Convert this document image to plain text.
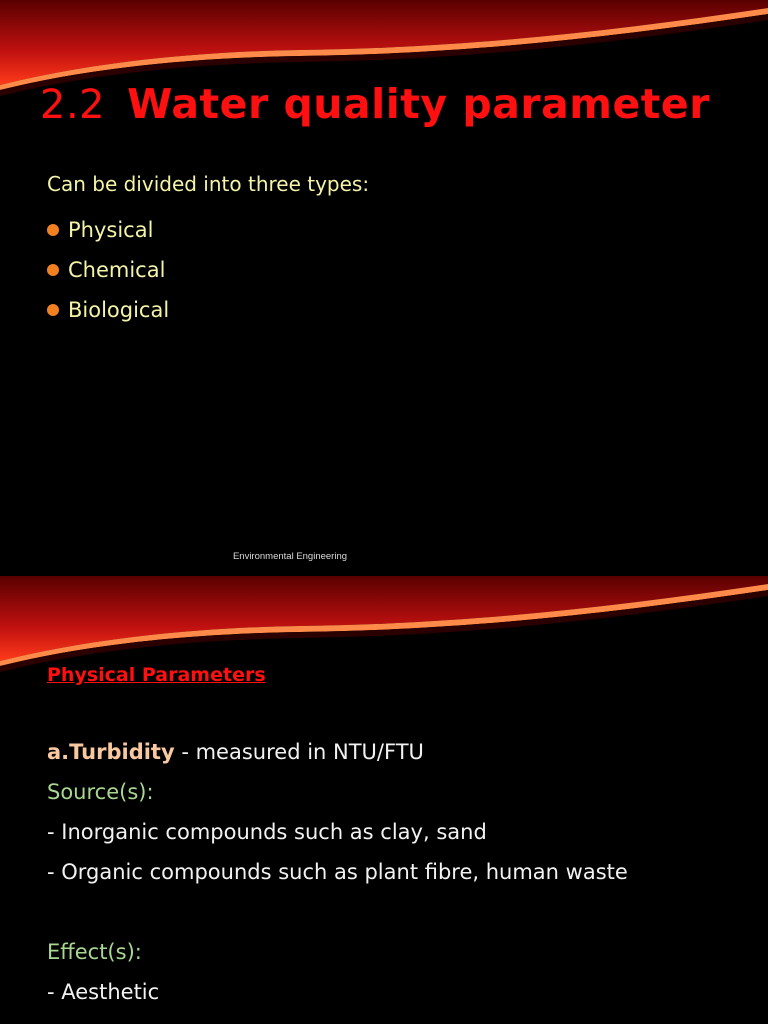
2.2 Water quality parameter

Can be divided into three types:

Physical
Chemical
Biological
Environmental Engineering

Physical Parameters

a.Turbidity - measured in NTU/FTU

Source(s):

- Inorganic compounds such as clay, sand

- Organic compounds such as plant fibre, human waste

Effect(s):

- Aesthetic
